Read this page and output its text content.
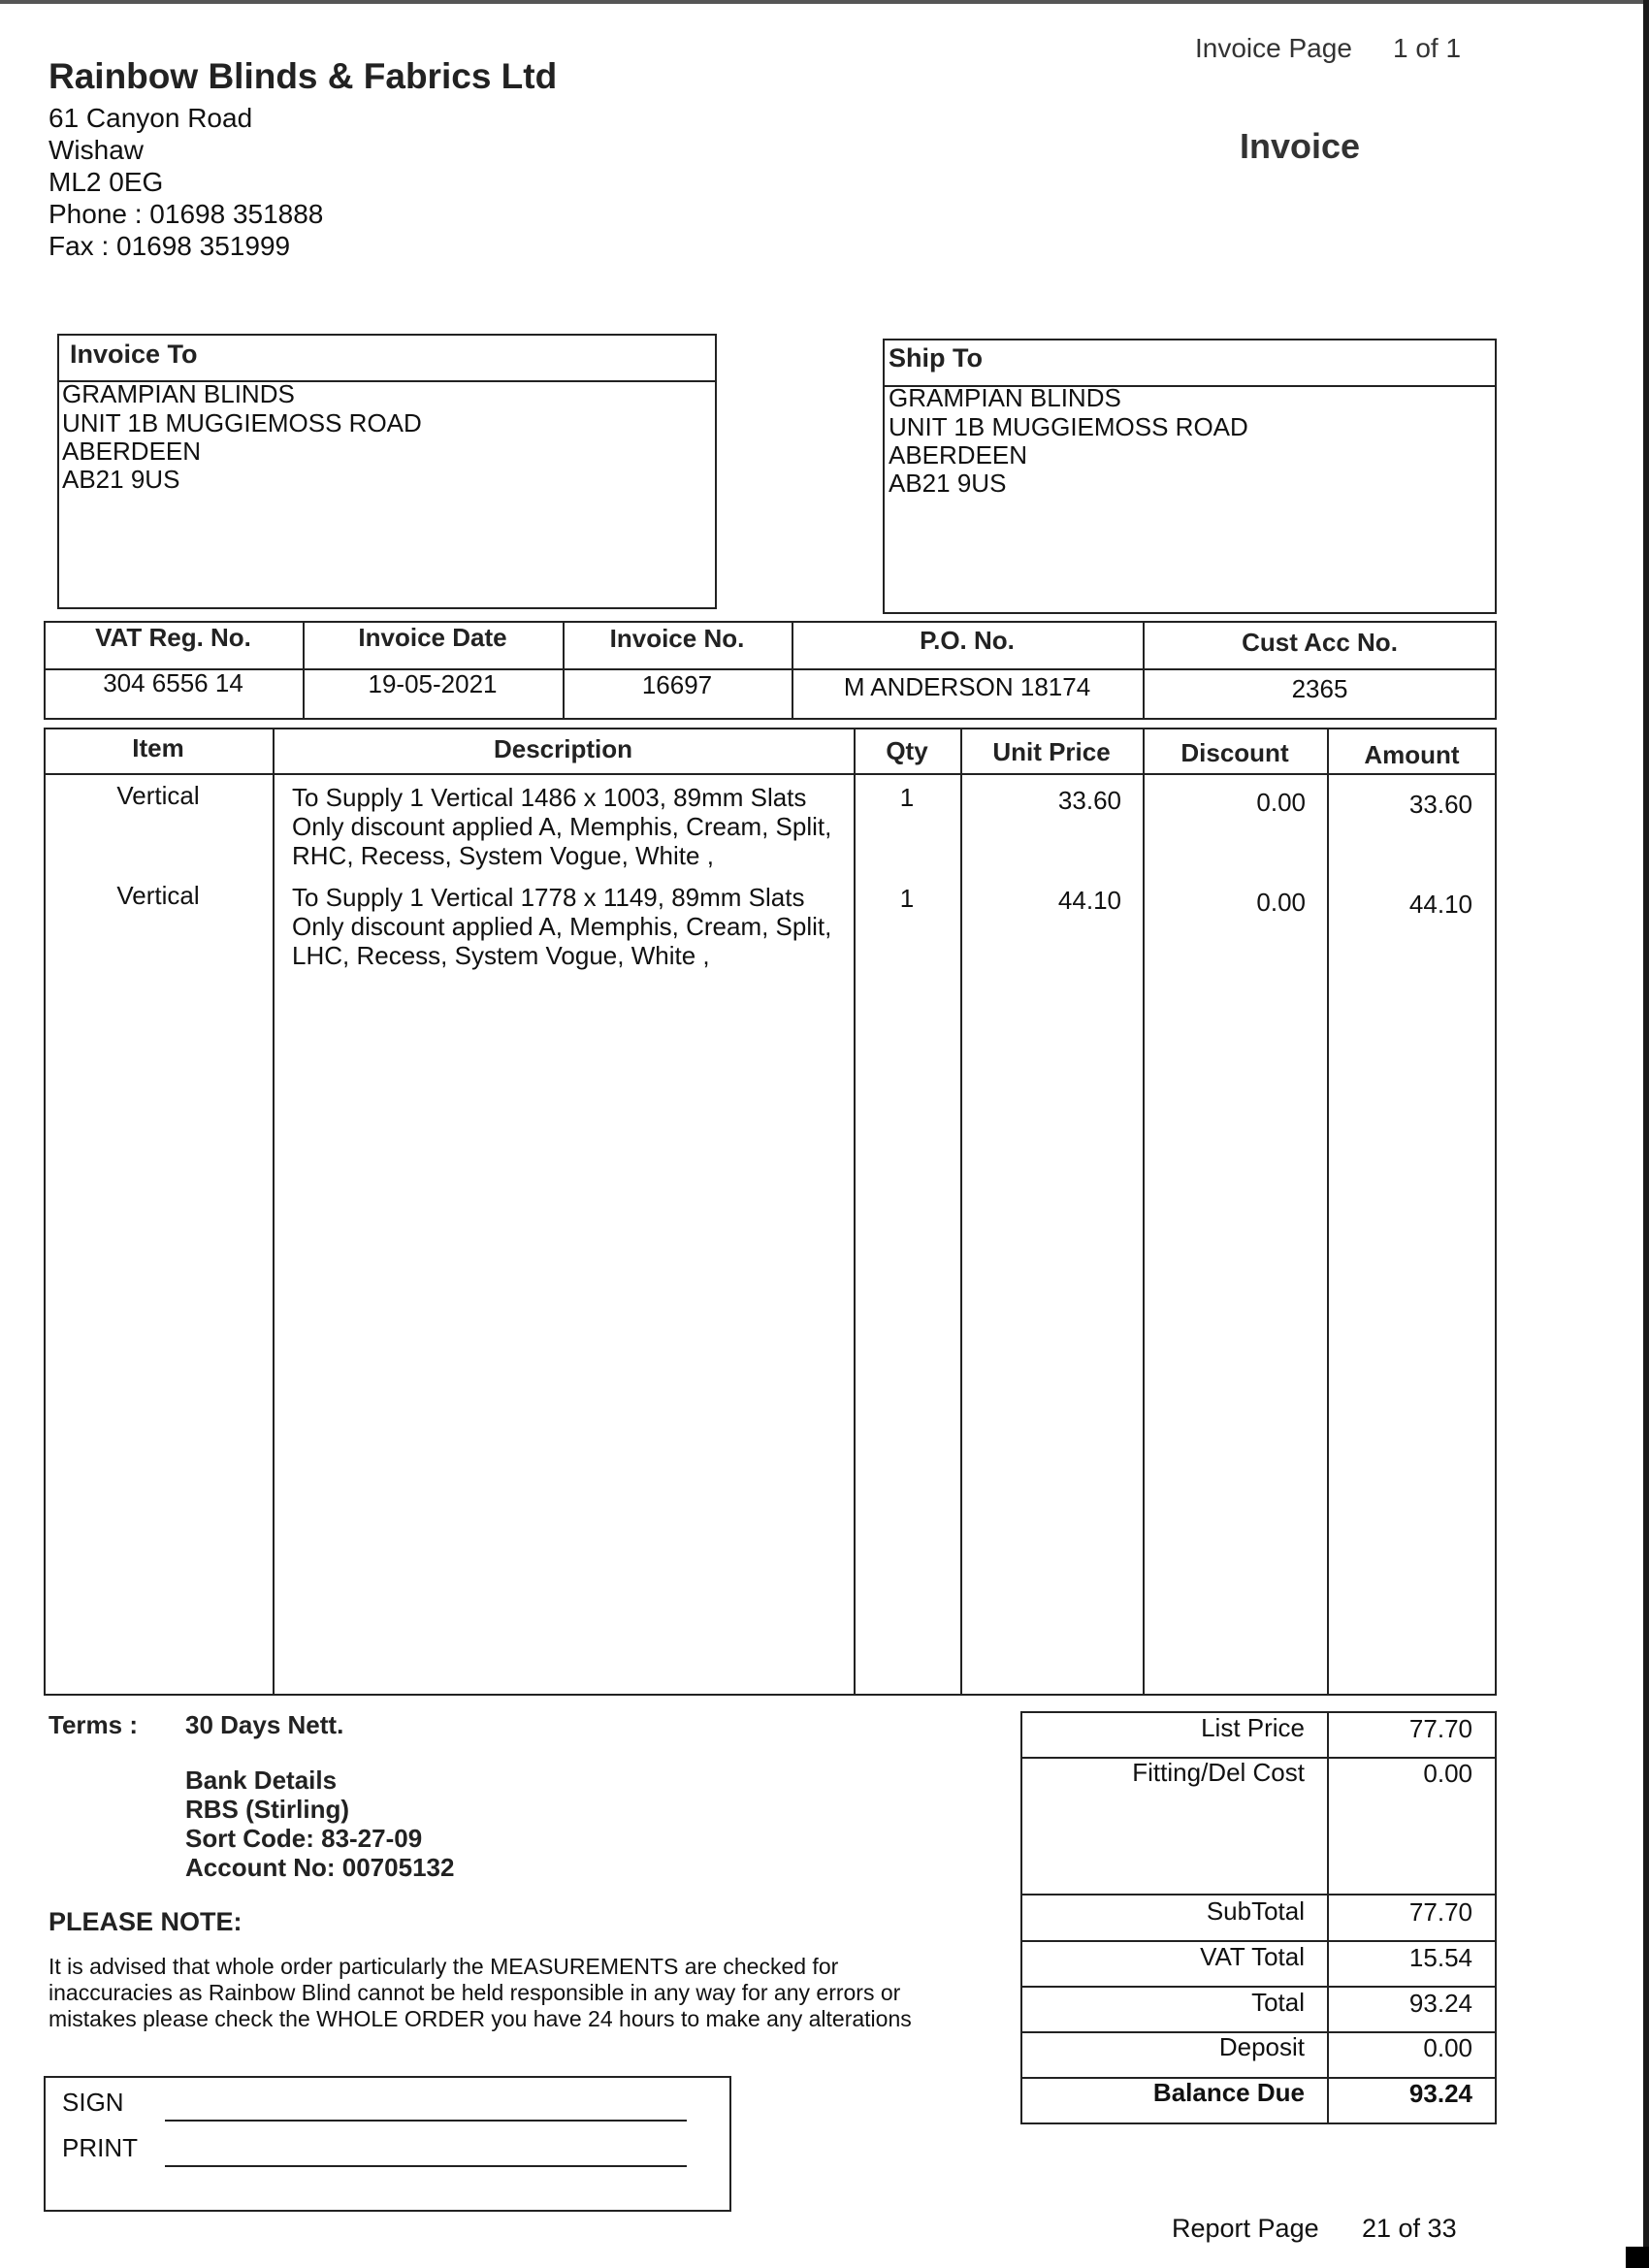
Rainbow Blinds & Fabrics Ltd
61 Canyon Road
Wishaw
ML2 0EG
Phone : 01698 351888
Fax : 01698 351999
Invoice Page 1 of 1
Invoice
Invoice To
GRAMPIAN BLINDS
UNIT 1B MUGGIEMOSS ROAD
ABERDEEN
AB21 9US
Ship To
GRAMPIAN BLINDS
UNIT 1B MUGGIEMOSS ROAD
ABERDEEN
AB21 9US
VAT Reg. No.	Invoice Date	Invoice No.	P.O. No.	Cust Acc No.
304 6556 14	19-05-2021	16697	M ANDERSON 18174	2365
Item	Description	Qty	Unit Price	Discount	Amount
Vertical	To Supply 1 Vertical 1486 x 1003, 89mm Slats
Only discount applied A, Memphis, Cream, Split,
RHC, Recess, System Vogue, White ,
1	33.60	0.00	33.60
Vertical	To Supply 1 Vertical 1778 x 1149, 89mm Slats
Only discount applied A, Memphis, Cream, Split,
LHC, Recess, System Vogue, White ,
1	44.10	0.00	44.10
Terms : 30 Days Nett.
Bank Details
RBS (Stirling)
Sort Code: 83-27-09
Account No: 00705132
PLEASE NOTE:
It is advised that whole order particularly the MEASUREMENTS are checked for
inaccuracies as Rainbow Blind cannot be held responsible in any way for any errors or
mistakes please check the WHOLE ORDER you have 24 hours to make any alterations
List Price	77.70
Fitting/Del Cost	0.00
SubTotal	77.70
VAT Total	15.54
Total	93.24
Deposit	0.00
Balance Due	93.24
SIGN
PRINT
Report Page 21 of 33
